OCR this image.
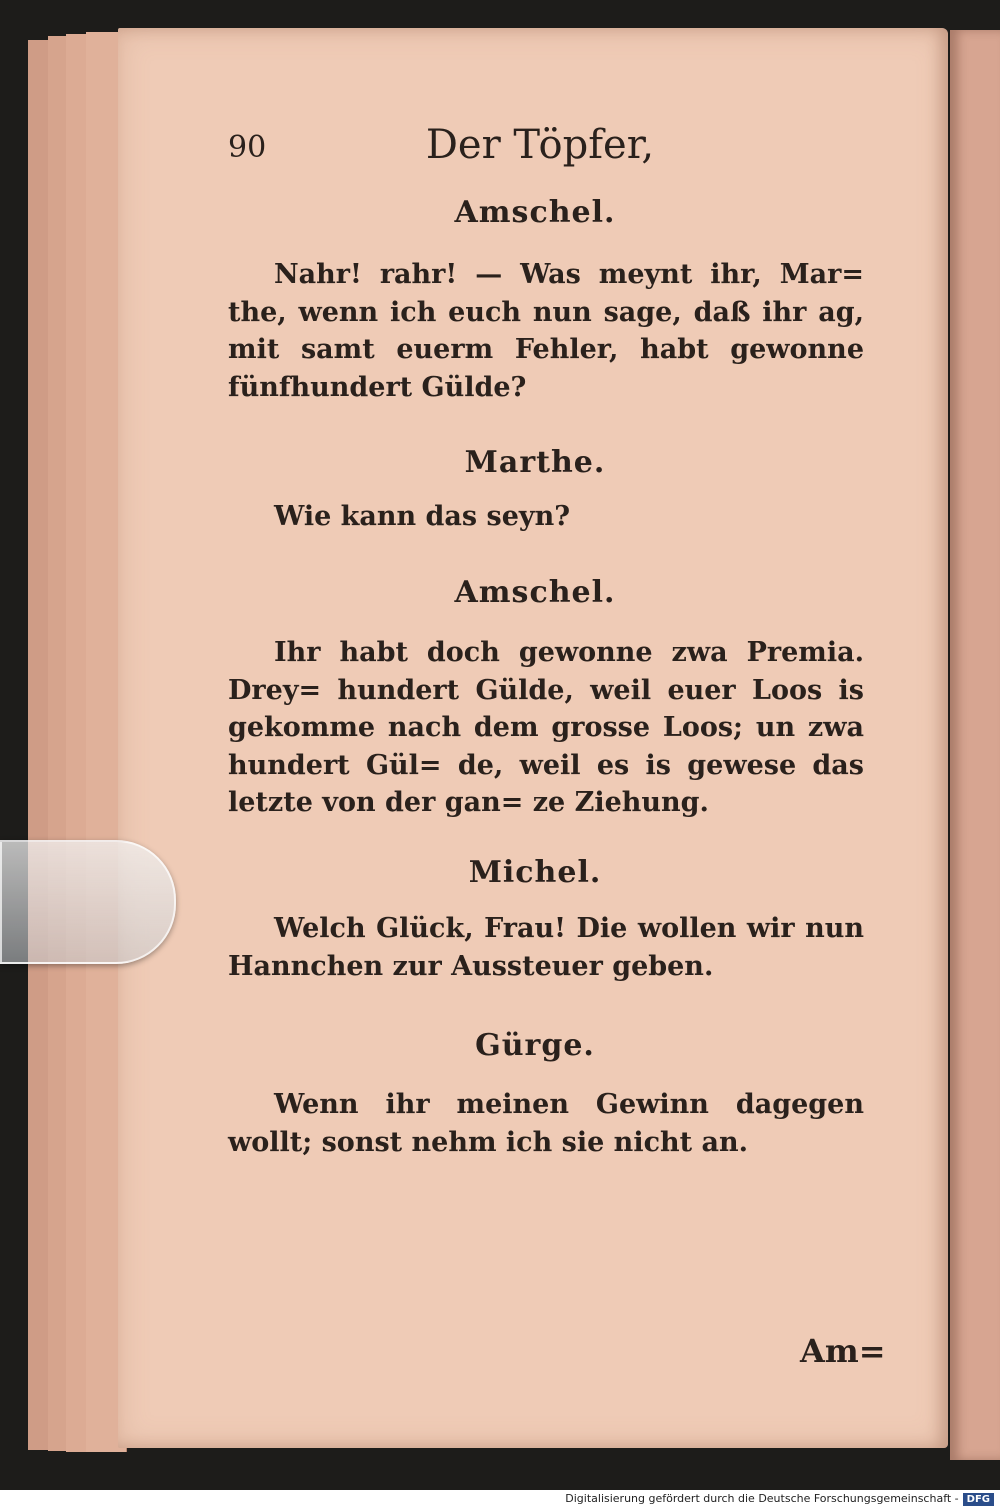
90	Der Töpfer,
Amschel.
Nahr! rahr! — Was meynt ihr, Mar= the, wenn ich euch nun sage, daß ihr ag, mit samt euerm Fehler, habt gewonne fünfhundert Gülde?
Marthe.
Wie kann das seyn?
Amschel.
Ihr habt doch gewonne zwa Premia. Drey= hundert Gülde, weil euer Loos is gekomme nach dem grosse Loos; un zwa hundert Gül= de, weil es is gewese das letzte von der gan= ze Ziehung.
Michel.
Welch Glück, Frau! Die wollen wir nun Hannchen zur Aussteuer geben.
Gürge.
Wenn ihr meinen Gewinn dagegen wollt; sonst nehm ich sie nicht an.
Am=
Digitalisierung gefördert durch die Deutsche Forschungsgemeinschaft - DFG
